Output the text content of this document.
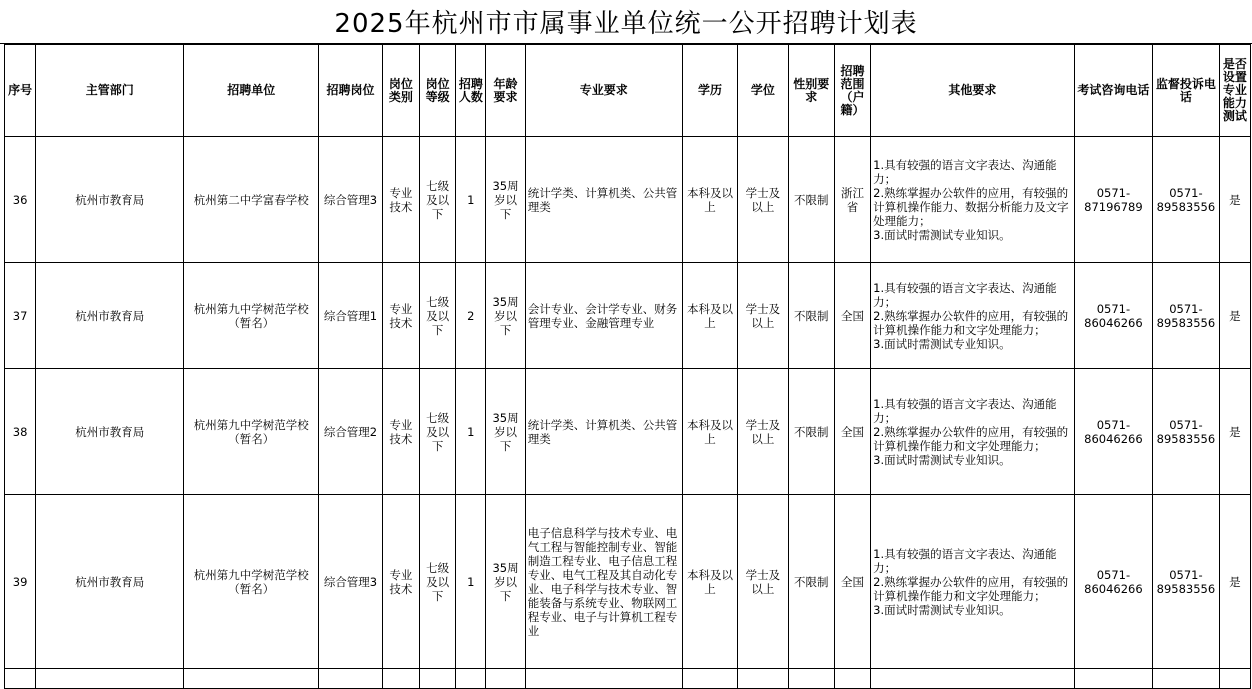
2025年杭州市市属事业单位统一公开招聘计划表
序号	主管部门	招聘单位	招聘岗位	岗位类别	岗位等级	招聘人数	年龄要求	专业要求	学历	学位	性别要求	招聘范围（户籍）	其他要求	考试咨询电话	监督投诉电话	是否设置专业能力测试
36	杭州市教育局	杭州第二中学富春学校	综合管理3	专业技术	七级及以下	1	35周岁以下	统计学类、计算机类、公共管理类	本科及以上	学士及以上	不限制	浙江省	1.具有较强的语言文字表达、沟通能力；
2.熟练掌握办公软件的应用，有较强的计算机操作能力、数据分析能力及文字处理能力；
3.面试时需测试专业知识。	0571-87196789	0571-89583556	是
37	杭州市教育局	杭州第九中学树范学校（暂名）	综合管理1	专业技术	七级及以下	2	35周岁以下	会计专业、会计学专业、财务管理专业、金融管理专业	本科及以上	学士及以上	不限制	全国	1.具有较强的语言文字表达、沟通能力；
2.熟练掌握办公软件的应用，有较强的计算机操作能力和文字处理能力；
3.面试时需测试专业知识。	0571-86046266	0571-89583556	是
38	杭州市教育局	杭州第九中学树范学校（暂名）	综合管理2	专业技术	七级及以下	1	35周岁以下	统计学类、计算机类、公共管理类	本科及以上	学士及以上	不限制	全国	1.具有较强的语言文字表达、沟通能力；
2.熟练掌握办公软件的应用，有较强的计算机操作能力和文字处理能力；
3.面试时需测试专业知识。	0571-86046266	0571-89583556	是
39	杭州市教育局	杭州第九中学树范学校（暂名）	综合管理3	专业技术	七级及以下	1	35周岁以下	电子信息科学与技术专业、电气工程与智能控制专业、智能制造工程专业、电子信息工程专业、电气工程及其自动化专业、电子科学与技术专业、智能装备与系统专业、物联网工程专业、电子与计算机工程专业	本科及以上	学士及以上	不限制	全国	1.具有较强的语言文字表达、沟通能力；
2.熟练掌握办公软件的应用，有较强的计算机操作能力和文字处理能力；
3.面试时需测试专业知识。	0571-86046266	0571-89583556	是
